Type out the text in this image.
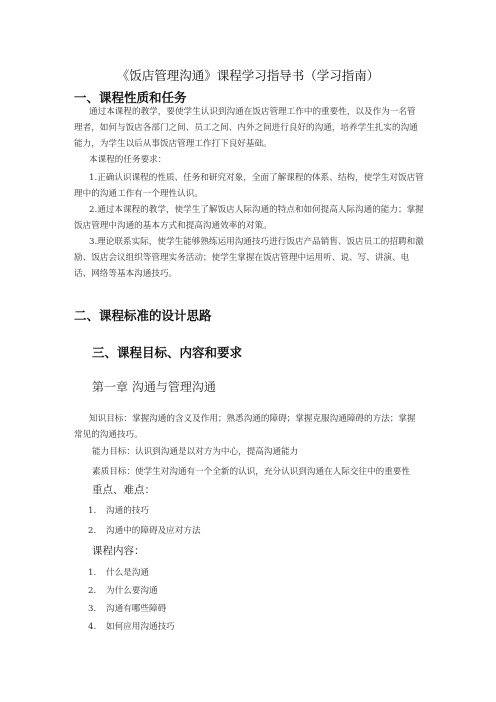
《饭店管理沟通》课程学习指导书（学习指南）
一、课程性质和任务
通过本课程的教学，要使学生认识到沟通在饭店管理工作中的重要性，以及作为一名管理者，如何与饭店各部门之间、员工之间、内外之间进行良好的沟通，培养学生扎实的沟通能力，为学生以后从事饭店管理工作打下良好基础。
本课程的任务要求：
1.正确认识课程的性质、任务和研究对象，全面了解课程的体系、结构，使学生对饭店管理中的沟通工作有一个理性认识。
2.通过本课程的教学，使学生了解饭店人际沟通的特点和如何提高人际沟通的能力；掌握饭店管理中沟通的基本方式和提高沟通效率的对策。
3.理论联系实际，使学生能够熟练运用沟通技巧进行饭店产品销售、饭店员工的招聘和激励、饭店会议组织等管理实务活动；使学生掌握在饭店管理中运用听、说、写、讲演、电话、网络等基本沟通技巧。
二、课程标准的设计思路
三、课程目标、内容和要求
第一章 沟通与管理沟通
知识目标：掌握沟通的含义及作用；熟悉沟通的障碍；掌握克服沟通障碍的方法；掌握常见的沟通技巧。
能力目标：认识到沟通是以对方为中心，提高沟通能力
素质目标：使学生对沟通有一个全新的认识，充分认识到沟通在人际交往中的重要性
重点、难点：
1. 沟通的技巧
2. 沟通中的障碍及应对方法
课程内容：
1. 什么是沟通
2. 为什么要沟通
3. 沟通有哪些障碍
4. 如何应用沟通技巧
